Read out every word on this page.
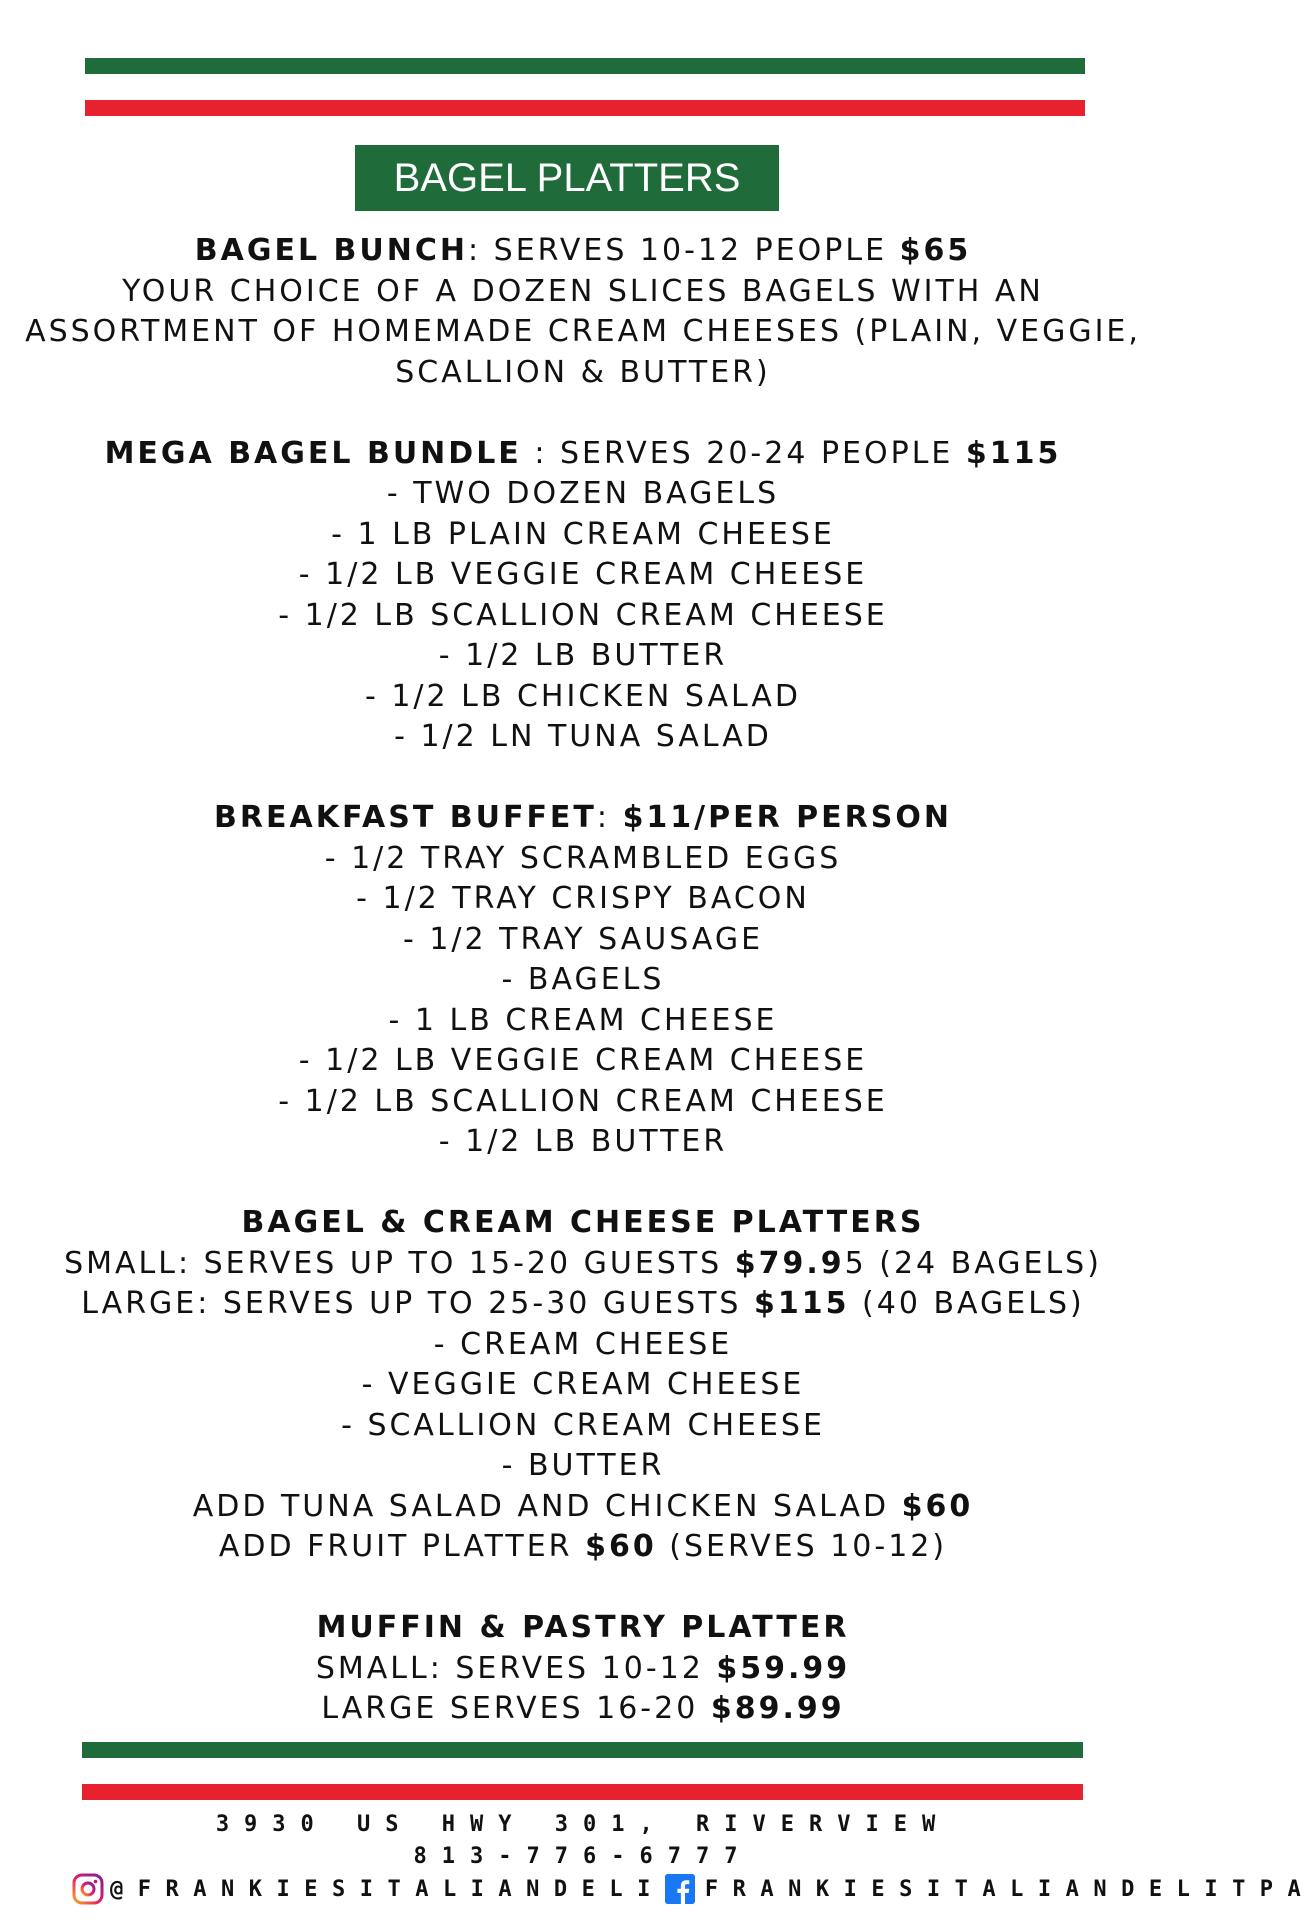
BAGEL PLATTERS
BAGEL BUNCH: SERVES 10-12 PEOPLE $65
YOUR CHOICE OF A DOZEN SLICES BAGELS WITH AN
ASSORTMENT OF HOMEMADE CREAM CHEESES (PLAIN, VEGGIE,
SCALLION & BUTTER)
MEGA BAGEL BUNDLE : SERVES 20-24 PEOPLE $115
- TWO DOZEN BAGELS
- 1 LB PLAIN CREAM CHEESE
- 1/2 LB VEGGIE CREAM CHEESE
- 1/2 LB SCALLION CREAM CHEESE
- 1/2 LB BUTTER
- 1/2 LB CHICKEN SALAD
- 1/2 LN TUNA SALAD
BREAKFAST BUFFET: $11/PER PERSON
- 1/2 TRAY SCRAMBLED EGGS
- 1/2 TRAY CRISPY BACON
- 1/2 TRAY SAUSAGE
- BAGELS
- 1 LB CREAM CHEESE
- 1/2 LB VEGGIE CREAM CHEESE
- 1/2 LB SCALLION CREAM CHEESE
- 1/2 LB BUTTER
BAGEL & CREAM CHEESE PLATTERS
SMALL: SERVES UP TO 15-20 GUESTS $79.95 (24 BAGELS)
LARGE: SERVES UP TO 25-30 GUESTS $115 (40 BAGELS)
- CREAM CHEESE
- VEGGIE CREAM CHEESE
- SCALLION CREAM CHEESE
- BUTTER
ADD TUNA SALAD AND CHICKEN SALAD $60
ADD FRUIT PLATTER $60 (SERVES 10-12)
MUFFIN & PASTRY PLATTER
SMALL: SERVES 10-12 $59.99
LARGE SERVES 16-20 $89.99
3930 US HWY 301, RIVERVIEW
813-776-6777
@FRANKIESITALIANDELI FRANKIESITALIANDELITPA
